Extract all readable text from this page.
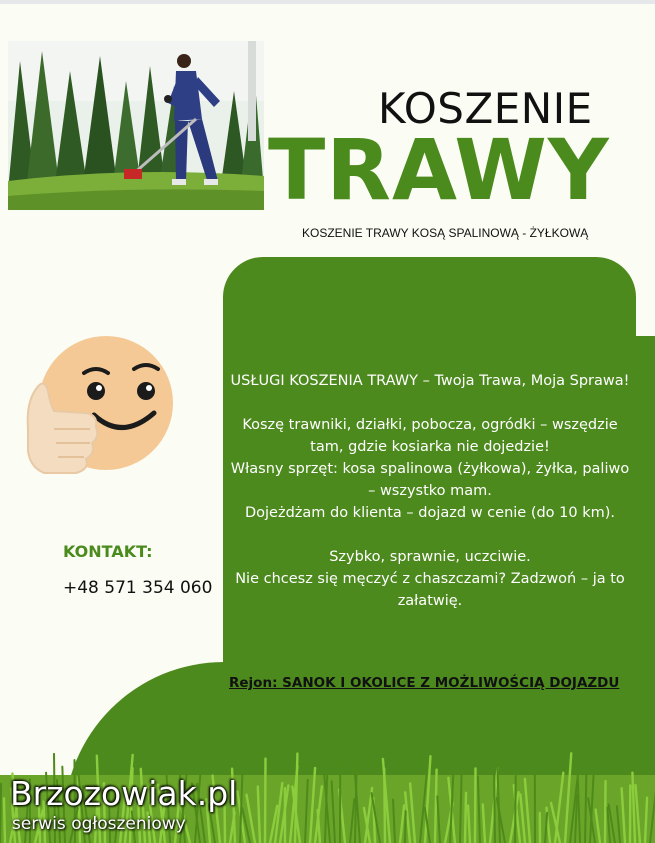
KOSZENIE
TRAWY
KOSZENIE TRAWY KOSĄ SPALINOWĄ - ŻYŁKOWĄ

USŁUGI KOSZENIA TRAWY – Twoja Trawa, Moja Sprawa!

Koszę trawniki, działki, pobocza, ogródki – wszędzie tam, gdzie kosiarka nie dojedzie!

Własny sprzęt: kosa spalinowa (żyłkowa), żyłka, paliwo – wszystko mam.

Dojeżdżam do klienta – dojazd w cenie (do 10 km).

Szybko, sprawnie, uczciwie.

Nie chcesz się męczyć z chaszczami? Zadzwoń – ja to załatwię.

Rejon: SANOK I OKOLICE Z MOŻLIWOŚCIĄ DOJAZDU
KONTAKT:
+48 571 354 060
Brzozowiak.pl
serwis ogłoszeniowy
